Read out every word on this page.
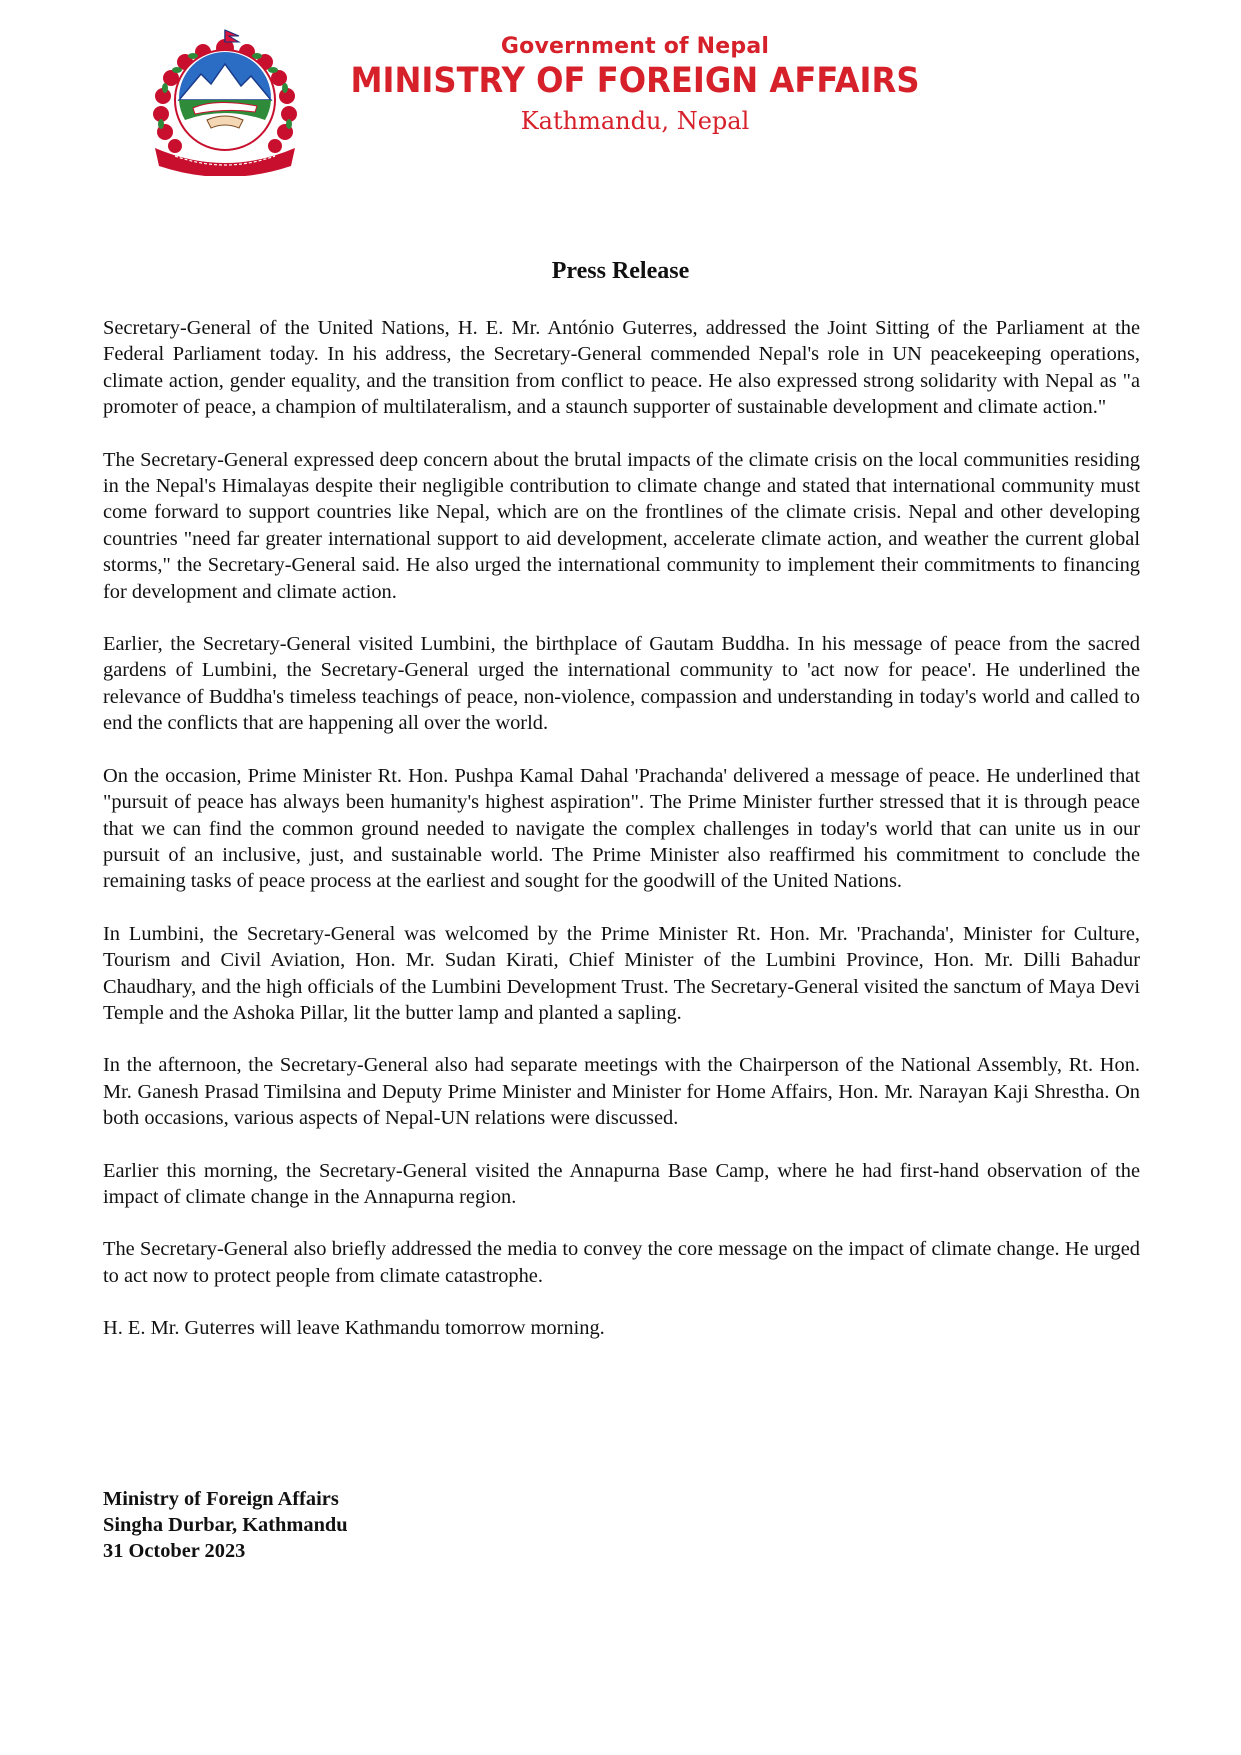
Government of Nepal
MINISTRY OF FOREIGN AFFAIRS
Kathmandu, Nepal
Press Release

Secretary-General of the United Nations, H. E. Mr. António Guterres, addressed the Joint Sitting of the Parliament at the Federal Parliament today. In his address, the Secretary-General commended Nepal's role in UN peacekeeping operations, climate action, gender equality, and the transition from conflict to peace. He also expressed strong solidarity with Nepal as "a promoter of peace, a champion of multilateralism, and a staunch supporter of sustainable development and climate action."

The Secretary-General expressed deep concern about the brutal impacts of the climate crisis on the local communities residing in the Nepal's Himalayas despite their negligible contribution to climate change and stated that international community must come forward to support countries like Nepal, which are on the frontlines of the climate crisis. Nepal and other developing countries "need far greater international support to aid development, accelerate climate action, and weather the current global storms," the Secretary-General said. He also urged the international community to implement their commitments to financing for development and climate action.

Earlier, the Secretary-General visited Lumbini, the birthplace of Gautam Buddha. In his message of peace from the sacred gardens of Lumbini, the Secretary-General urged the international community to 'act now for peace'. He underlined the relevance of Buddha's timeless teachings of peace, non-violence, compassion and understanding in today's world and called to end the conflicts that are happening all over the world.

On the occasion, Prime Minister Rt. Hon. Pushpa Kamal Dahal 'Prachanda' delivered a message of peace. He underlined that "pursuit of peace has always been humanity's highest aspiration". The Prime Minister further stressed that it is through peace that we can find the common ground needed to navigate the complex challenges in today's world that can unite us in our pursuit of an inclusive, just, and sustainable world. The Prime Minister also reaffirmed his commitment to conclude the remaining tasks of peace process at the earliest and sought for the goodwill of the United Nations.

In Lumbini, the Secretary-General was welcomed by the Prime Minister Rt. Hon. Mr. 'Prachanda', Minister for Culture, Tourism and Civil Aviation, Hon. Mr. Sudan Kirati, Chief Minister of the Lumbini Province, Hon. Mr. Dilli Bahadur Chaudhary, and the high officials of the Lumbini Development Trust. The Secretary-General visited the sanctum of Maya Devi Temple and the Ashoka Pillar, lit the butter lamp and planted a sapling.

In the afternoon, the Secretary-General also had separate meetings with the Chairperson of the National Assembly, Rt. Hon. Mr. Ganesh Prasad Timilsina and Deputy Prime Minister and Minister for Home Affairs, Hon. Mr. Narayan Kaji Shrestha. On both occasions, various aspects of Nepal-UN relations were discussed.

Earlier this morning, the Secretary-General visited the Annapurna Base Camp, where he had first-hand observation of the impact of climate change in the Annapurna region.

The Secretary-General also briefly addressed the media to convey the core message on the impact of climate change. He urged to act now to protect people from climate catastrophe.

H. E. Mr. Guterres will leave Kathmandu tomorrow morning.

Ministry of Foreign Affairs
Singha Durbar, Kathmandu
31 October 2023
